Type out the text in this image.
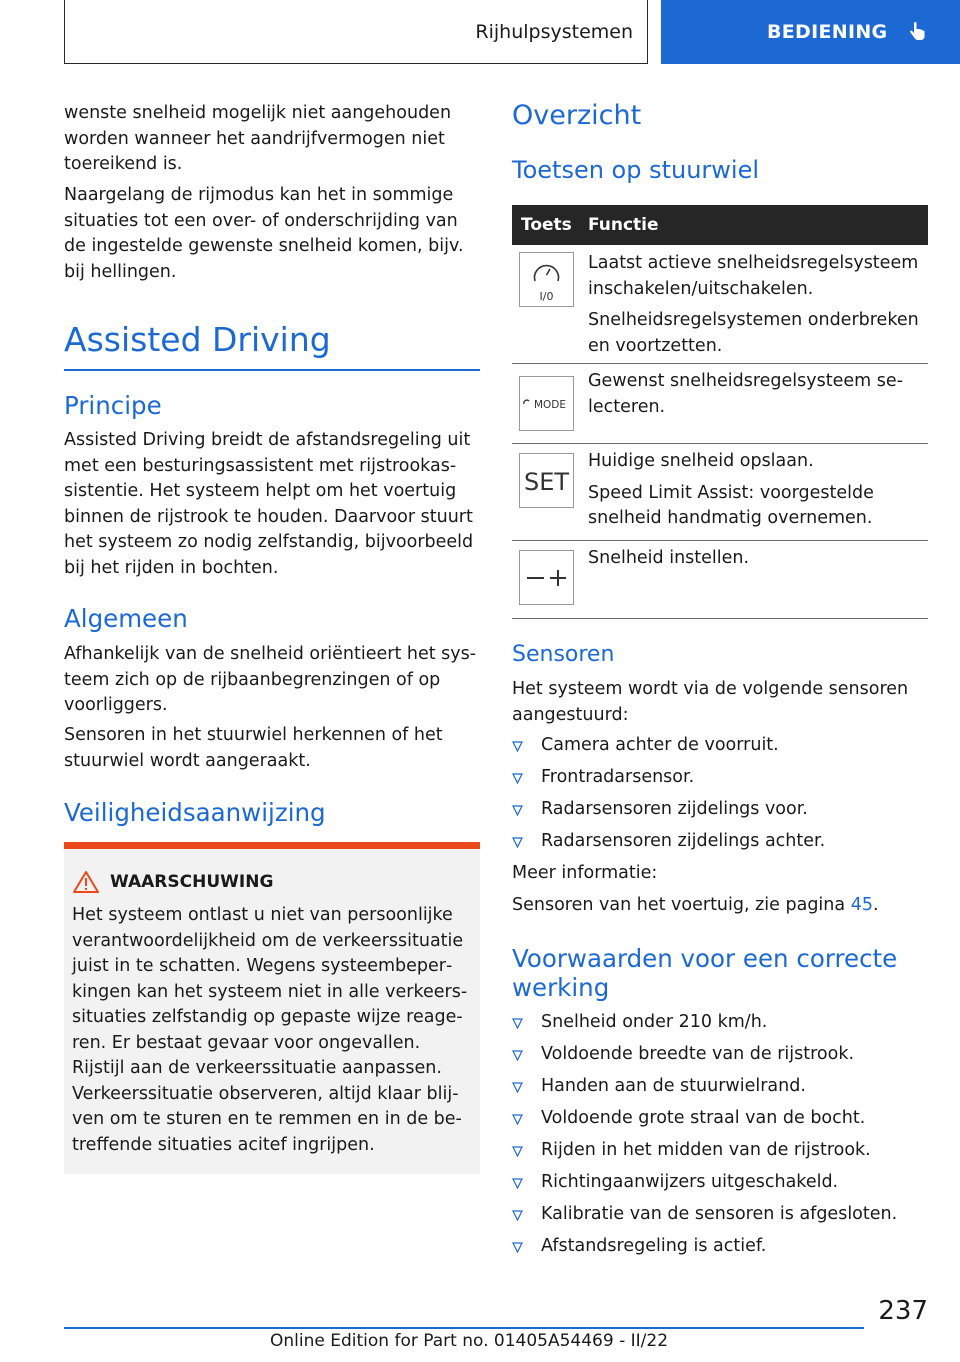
Rijhulpsystemen	BEDIENING

wenste snelheid mogelijk niet aangehouden worden wanneer het aandrijfvermogen niet toereikend is.

Naargelang de rijmodus kan het in sommige situaties tot een over- of onderschrijding van de ingestelde gewenste snelheid komen, bijv. bij hellingen.

Assisted Driving
Principe

Assisted Driving breidt de afstandsregeling uit met een besturingsassistent met rijstrookassistentie. Het systeem helpt om het voertuig binnen de rijstrook te houden. Daarvoor stuurt het systeem zo nodig zelfstandig, bijvoorbeeld bij het rijden in bochten.

Algemeen

Afhankelijk van de snelheid oriëntieert het systeem zich op de rijbaanbegrenzingen of op voorliggers.

Sensoren in het stuurwiel herkennen of het stuurwiel wordt aangeraakt.

Veiligheidsaanwijzing
WAARSCHUWING
Het systeem ontlast u niet van persoonlijke verantwoordelijkheid om de verkeerssituatie juist in te schatten. Wegens systeembeperkingen kan het systeem niet in alle verkeerssituaties zelfstandig op gepaste wijze reageren. Er bestaat gevaar voor ongevallen. Rijstijl aan de verkeerssituatie aanpassen. Verkeerssituatie observeren, altijd klaar blijven om te sturen en te remmen en in de betreffende situaties acitef ingrijpen.
Overzicht
Toetsen op stuurwiel
Toets Functie
I/0

Laatst actieve snelheidsregelsysteem inschakelen/uitschakelen.

Snelheidsregelsystemen onderbreken en voortzetten.

MODE

Gewenst snelheidsregelsysteem selecteren.

SET

Huidige snelheid opslaan.

Speed Limit Assist: voorgestelde snelheid handmatig overnemen.

Snelheid instellen.

Sensoren

Het systeem wordt via de volgende sensoren aangestuurd:

Camera achter de voorruit.
Frontradarsensor.
Radarsensoren zijdelings voor.
Radarsensoren zijdelings achter.

Meer informatie:

Sensoren van het voertuig, zie pagina 45.

Voorwaarden voor een correcte werking
Snelheid onder 210 km/h.
Voldoende breedte van de rijstrook.
Handen aan de stuurwielrand.
Voldoende grote straal van de bocht.
Rijden in het midden van de rijstrook.
Richtingaanwijzers uitgeschakeld.
Kalibratie van de sensoren is afgesloten.
Afstandsregeling is actief.
237
Online Edition for Part no. 01405A54469 - II/22
